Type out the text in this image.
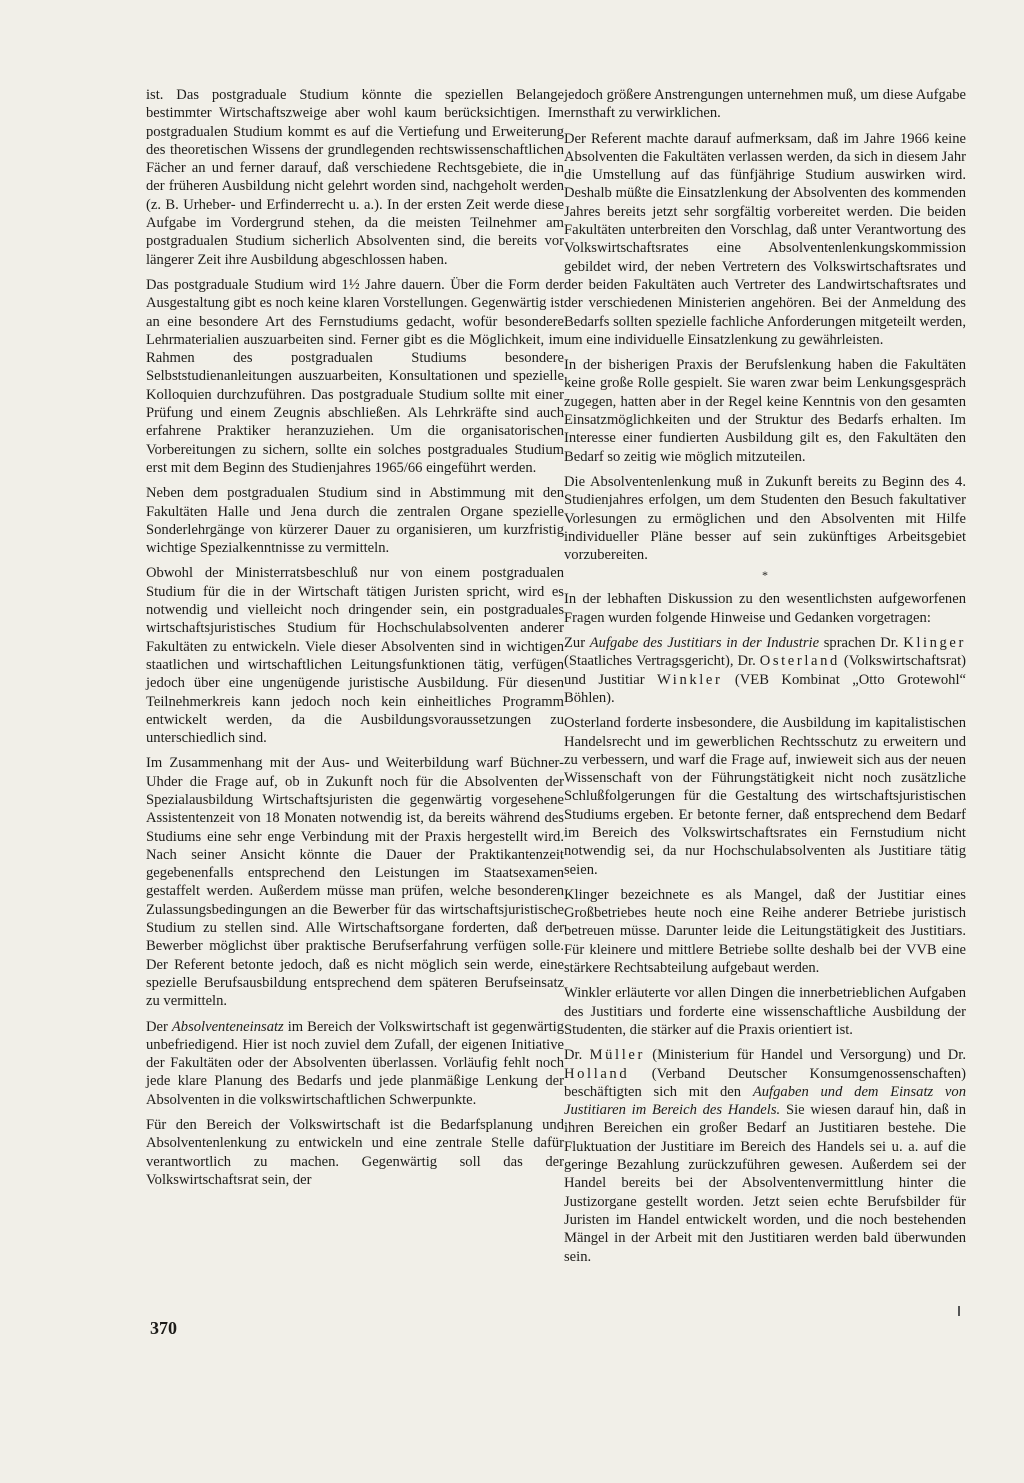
ist. Das postgraduale Studium könnte die speziellen Belange bestimmter Wirtschaftszweige aber wohl kaum berücksichtigen. Im postgradualen Studium kommt es auf die Vertiefung und Erweiterung des theoretischen Wissens der grundlegenden rechtswissenschaftlichen Fächer an und ferner darauf, daß verschiedene Rechtsgebiete, die in der früheren Ausbildung nicht gelehrt worden sind, nachgeholt werden (z. B. Urheber- und Erfinderrecht u. a.). In der ersten Zeit werde diese Aufgabe im Vordergrund stehen, da die meisten Teilnehmer am postgradualen Studium sicherlich Absolventen sind, die bereits vor längerer Zeit ihre Ausbildung abgeschlossen haben.

Das postgraduale Studium wird 1½ Jahre dauern. Über die Form der Ausgestaltung gibt es noch keine klaren Vorstellungen. Gegenwärtig ist an eine besondere Art des Fernstudiums gedacht, wofür besondere Lehrmaterialien auszuarbeiten sind. Ferner gibt es die Möglichkeit, im Rahmen des postgradualen Studiums besondere Selbststudienanleitungen auszuarbeiten, Konsultationen und spezielle Kolloquien durchzuführen. Das postgraduale Studium sollte mit einer Prüfung und einem Zeugnis abschließen. Als Lehrkräfte sind auch erfahrene Praktiker heranzuziehen. Um die organisatorischen Vorbereitungen zu sichern, sollte ein solches postgraduales Studium erst mit dem Beginn des Studienjahres 1965/66 eingeführt werden.

Neben dem postgradualen Studium sind in Abstimmung mit den Fakultäten Halle und Jena durch die zentralen Organe spezielle Sonderlehrgänge von kürzerer Dauer zu organisieren, um kurzfristig wichtige Spezialkenntnisse zu vermitteln.

Obwohl der Ministerratsbeschluß nur von einem postgradualen Studium für die in der Wirtschaft tätigen Juristen spricht, wird es notwendig und vielleicht noch dringender sein, ein postgraduales wirtschaftsjuristisches Studium für Hochschulabsolventen anderer Fakultäten zu entwickeln. Viele dieser Absolventen sind in wichtigen staatlichen und wirtschaftlichen Leitungsfunktionen tätig, verfügen jedoch über eine ungenügende juristische Ausbildung. Für diesen Teilnehmerkreis kann jedoch noch kein einheitliches Programm entwickelt werden, da die Ausbildungsvoraussetzungen zu unterschiedlich sind.

Im Zusammenhang mit der Aus- und Weiterbildung warf Büchner-Uhder die Frage auf, ob in Zukunft noch für die Absolventen der Spezialausbildung Wirtschaftsjuristen die gegenwärtig vorgesehene Assistentenzeit von 18 Monaten notwendig ist, da bereits während des Studiums eine sehr enge Verbindung mit der Praxis hergestellt wird. Nach seiner Ansicht könnte die Dauer der Praktikantenzeit gegebenenfalls entsprechend den Leistungen im Staatsexamen gestaffelt werden. Außerdem müsse man prüfen, welche besonderen Zulassungsbedingungen an die Bewerber für das wirtschaftsjuristische Studium zu stellen sind. Alle Wirtschaftsorgane forderten, daß der Bewerber möglichst über praktische Berufserfahrung verfügen solle. Der Referent betonte jedoch, daß es nicht möglich sein werde, eine spezielle Berufsausbildung entsprechend dem späteren Berufseinsatz zu vermitteln.

Der Absolventeneinsatz im Bereich der Volkswirtschaft ist gegenwärtig unbefriedigend. Hier ist noch zuviel dem Zufall, der eigenen Initiative der Fakultäten oder der Absolventen überlassen. Vorläufig fehlt noch jede klare Planung des Bedarfs und jede planmäßige Lenkung der Absolventen in die volkswirtschaftlichen Schwerpunkte.

Für den Bereich der Volkswirtschaft ist die Bedarfsplanung und Absolventenlenkung zu entwickeln und eine zentrale Stelle dafür verantwortlich zu machen. Gegenwärtig soll das der Volkswirtschaftsrat sein, der

jedoch größere Anstrengungen unternehmen muß, um diese Aufgabe ernsthaft zu verwirklichen.

Der Referent machte darauf aufmerksam, daß im Jahre 1966 keine Absolventen die Fakultäten verlassen werden, da sich in diesem Jahr die Umstellung auf das fünfjährige Studium auswirken wird. Deshalb müßte die Einsatzlenkung der Absolventen des kommenden Jahres bereits jetzt sehr sorgfältig vorbereitet werden. Die beiden Fakultäten unterbreiten den Vorschlag, daß unter Verantwortung des Volkswirtschaftsrates eine Absolventenlenkungskommission gebildet wird, der neben Vertretern des Volkswirtschaftsrates und der beiden Fakultäten auch Vertreter des Landwirtschaftsrates und der verschiedenen Ministerien angehören. Bei der Anmeldung des Bedarfs sollten spezielle fachliche Anforderungen mitgeteilt werden, um eine individuelle Einsatzlenkung zu gewährleisten.

In der bisherigen Praxis der Berufslenkung haben die Fakultäten keine große Rolle gespielt. Sie waren zwar beim Lenkungsgespräch zugegen, hatten aber in der Regel keine Kenntnis von den gesamten Einsatzmöglichkeiten und der Struktur des Bedarfs erhalten. Im Interesse einer fundierten Ausbildung gilt es, den Fakultäten den Bedarf so zeitig wie möglich mitzuteilen.

Die Absolventenlenkung muß in Zukunft bereits zu Beginn des 4. Studienjahres erfolgen, um dem Studenten den Besuch fakultativer Vorlesungen zu ermöglichen und den Absolventen mit Hilfe individueller Pläne besser auf sein zukünftiges Arbeitsgebiet vorzubereiten.

*

In der lebhaften Diskussion zu den wesentlichsten aufgeworfenen Fragen wurden folgende Hinweise und Gedanken vorgetragen:

Zur Aufgabe des Justitiars in der Industrie sprachen Dr. Klinger (Staatliches Vertragsgericht), Dr. Osterland (Volkswirtschaftsrat) und Justitiar Winkler (VEB Kombinat „Otto Grotewohl“ Böhlen).

Osterland forderte insbesondere, die Ausbildung im kapitalistischen Handelsrecht und im gewerblichen Rechtsschutz zu erweitern und zu verbessern, und warf die Frage auf, inwieweit sich aus der neuen Wissenschaft von der Führungstätigkeit nicht noch zusätzliche Schlußfolgerungen für die Gestaltung des wirtschaftsjuristischen Studiums ergeben. Er betonte ferner, daß entsprechend dem Bedarf im Bereich des Volkswirtschaftsrates ein Fernstudium nicht notwendig sei, da nur Hochschulabsolventen als Justitiare tätig seien.

Klinger bezeichnete es als Mangel, daß der Justitiar eines Großbetriebes heute noch eine Reihe anderer Betriebe juristisch betreuen müsse. Darunter leide die Leitungstätigkeit des Justitiars. Für kleinere und mittlere Betriebe sollte deshalb bei der VVB eine stärkere Rechtsabteilung aufgebaut werden.

Winkler erläuterte vor allen Dingen die innerbetrieblichen Aufgaben des Justitiars und forderte eine wissenschaftliche Ausbildung der Studenten, die stärker auf die Praxis orientiert ist.

Dr. Müller (Ministerium für Handel und Versorgung) und Dr. Holland (Verband Deutscher Konsumgenossenschaften) beschäftigten sich mit den Aufgaben und dem Einsatz von Justitiaren im Bereich des Handels. Sie wiesen darauf hin, daß in ihren Bereichen ein großer Bedarf an Justitiaren bestehe. Die Fluktuation der Justitiare im Bereich des Handels sei u. a. auf die geringe Bezahlung zurückzuführen gewesen. Außerdem sei der Handel bereits bei der Absolventenvermittlung hinter die Justizorgane gestellt worden. Jetzt seien echte Berufsbilder für Juristen im Handel entwickelt worden, und die noch bestehenden Mängel in der Arbeit mit den Justitiaren werden bald überwunden sein.

370
